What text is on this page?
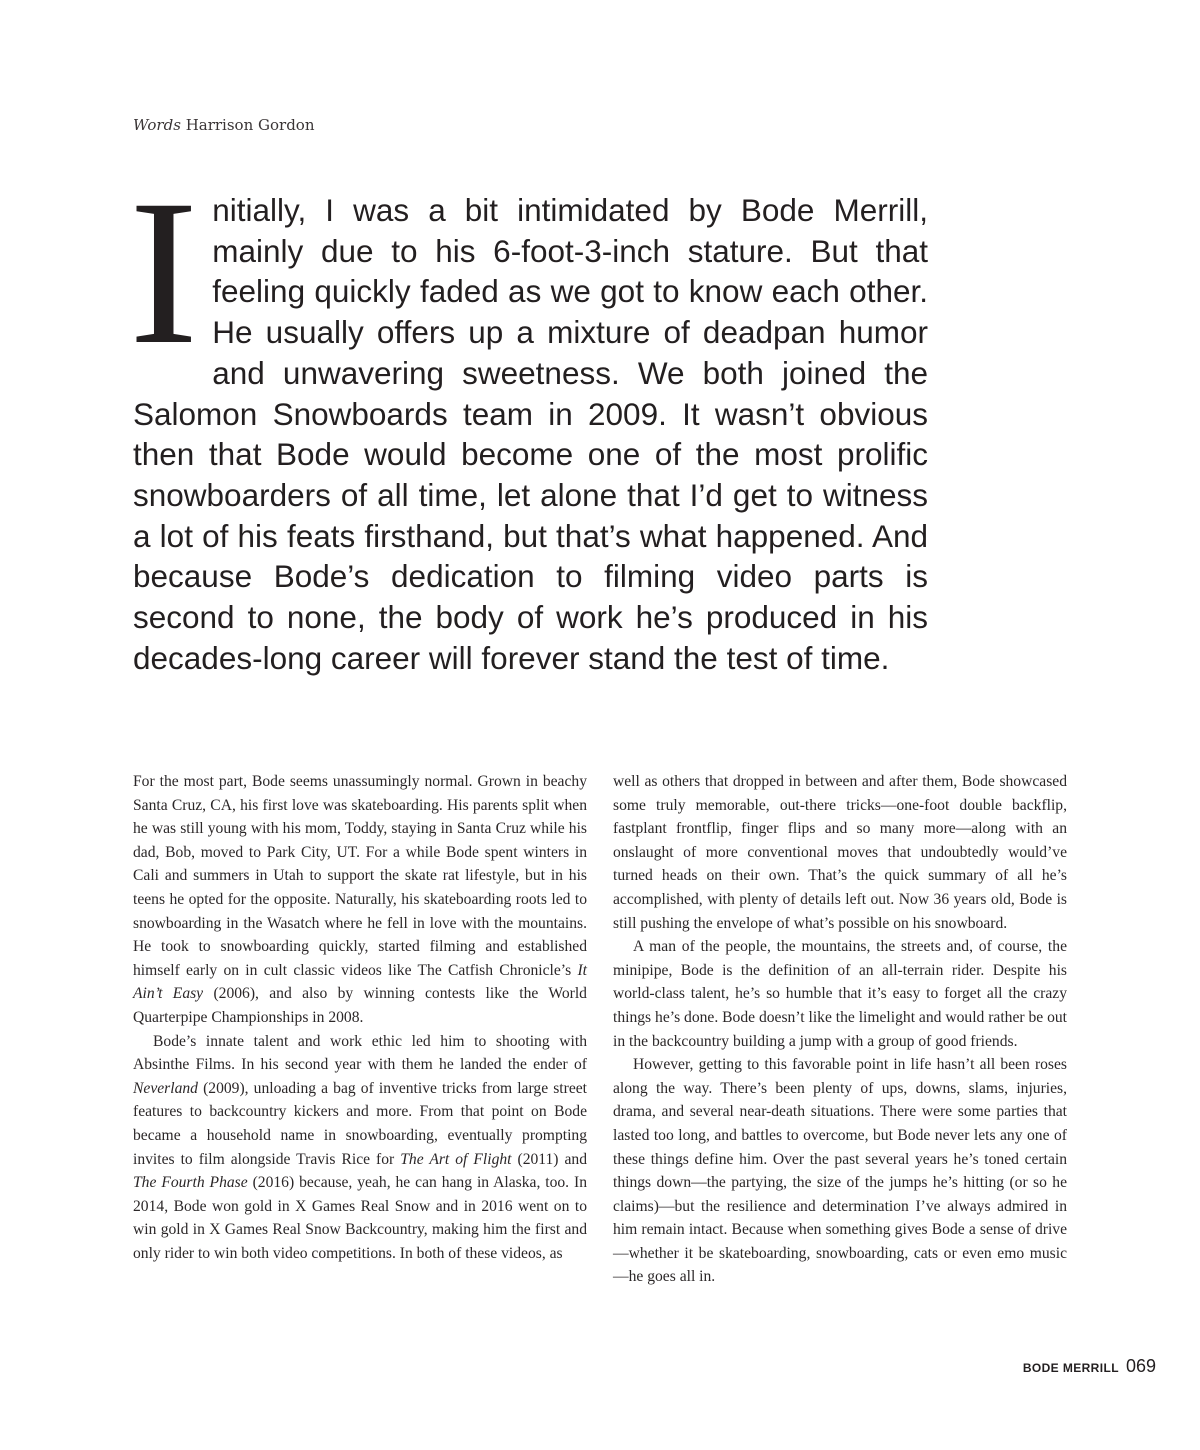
Words Harrison Gordon
Initially, I was a bit intimidated by Bode Merrill, mainly due to his 6-foot-3-inch stature. But that feeling quickly faded as we got to know each other. He usually offers up a mixture of deadpan humor and unwavering sweetness. We both joined the Salomon Snowboards team in 2009. It wasn’t obvious then that Bode would become one of the most prolific snowboarders of all time, let alone that I’d get to witness a lot of his feats firsthand, but that’s what happened. And because Bode’s dedication to filming video parts is second to none, the body of work he’s produced in his decades-long career will forever stand the test of time.

For the most part, Bode seems unassumingly normal. Grown in beachy Santa Cruz, CA, his first love was skateboarding. His parents split when he was still young with his mom, Toddy, staying in Santa Cruz while his dad, Bob, moved to Park City, UT. For a while Bode spent winters in Cali and summers in Utah to support the skate rat lifestyle, but in his teens he opted for the opposite. Naturally, his skateboarding roots led to snowboarding in the Wasatch where he fell in love with the mountains. He took to snowboarding quickly, started filming and established himself early on in cult classic videos like The Catfish Chronicle’s It Ain’t Easy (2006), and also by winning contests like the World Quarterpipe Championships in 2008.

Bode’s innate talent and work ethic led him to shooting with Absinthe Films. In his second year with them he landed the ender of Neverland (2009), unloading a bag of inventive tricks from large street features to backcountry kickers and more. From that point on Bode became a household name in snowboarding, eventually prompting invites to film alongside Travis Rice for The Art of Flight (2011) and The Fourth Phase (2016) because, yeah, he can hang in Alaska, too. In 2014, Bode won gold in X Games Real Snow and in 2016 went on to win gold in X Games Real Snow Backcountry, making him the first and only rider to win both video competitions. In both of these videos, as

well as others that dropped in between and after them, Bode showcased some truly memorable, out-there tricks—one-foot double backflip, fastplant frontflip, finger flips and so many more—along with an onslaught of more conventional moves that undoubtedly would’ve turned heads on their own. That’s the quick summary of all he’s accomplished, with plenty of details left out. Now 36 years old, Bode is still pushing the envelope of what’s possible on his snowboard.

A man of the people, the mountains, the streets and, of course, the minipipe, Bode is the definition of an all-terrain rider. Despite his world-class talent, he’s so humble that it’s easy to forget all the crazy things he’s done. Bode doesn’t like the limelight and would rather be out in the backcountry building a jump with a group of good friends.

However, getting to this favorable point in life hasn’t all been roses along the way. There’s been plenty of ups, downs, slams, injuries, drama, and several near-death situations. There were some parties that lasted too long, and battles to overcome, but Bode never lets any one of these things define him. Over the past several years he’s toned certain things down—the partying, the size of the jumps he’s hitting (or so he claims)—but the resilience and determination I’ve always admired in him remain intact. Because when something gives Bode a sense of drive—whether it be skateboarding, snowboarding, cats or even emo music—he goes all in.

BODE MERRILL 069
